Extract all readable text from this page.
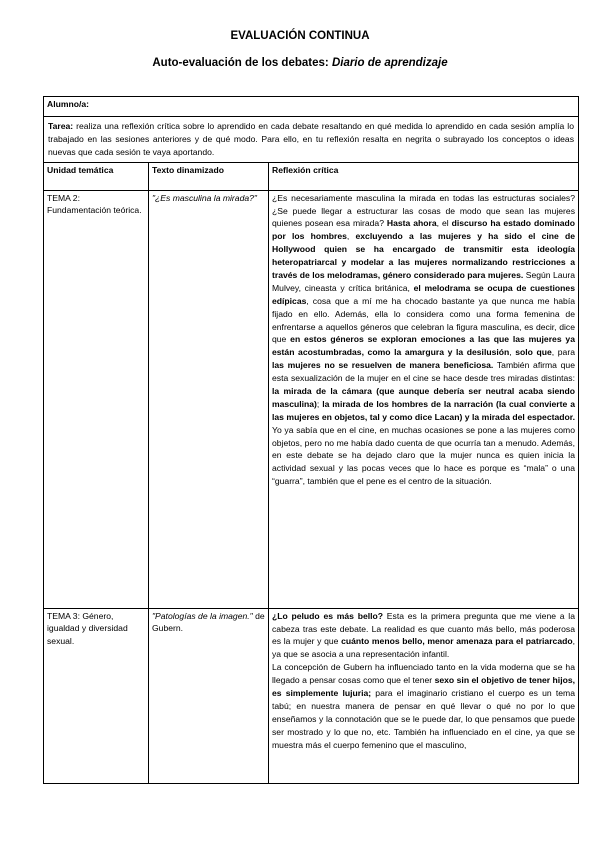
EVALUACIÓN CONTINUA
Auto-evaluación de los debates: Diario de aprendizaje
Alumno/a:		
Tarea: realiza una reflexión crítica sobre lo aprendido en cada debate resaltando en qué medida lo aprendido en cada sesión amplía lo trabajado en las sesiones anteriores y de qué modo. Para ello, en tu reflexión resalta en negrita o subrayado los conceptos o ideas nuevas que cada sesión te vaya aportando.		
Unidad temática	Texto dinamizado	Reflexión crítica
TEMA 2: Fundamentación teórica.	"¿Es masculina la mirada?"	¿Es necesariamente masculina la mirada en todas las estructuras sociales? ¿Se puede llegar a estructurar las cosas de modo que sean las mujeres quienes posean esa mirada? Hasta ahora, el discurso ha estado dominado por los hombres, excluyendo a las mujeres y ha sido el cine de Hollywood quien se ha encargado de transmitir esta ideología heteropatriarcal y modelar a las mujeres normalizando restricciones a través de los melodramas, género considerado para mujeres. Según Laura Mulvey, cineasta y crítica británica, el melodrama se ocupa de cuestiones edípicas, cosa que a mí me ha chocado bastante ya que nunca me había fijado en ello. Además, ella lo considera como una forma femenina de enfrentarse a aquellos géneros que celebran la figura masculina, es decir, dice que en estos géneros se exploran emociones a las que las mujeres ya están acostumbradas, como la amargura y la desilusión, solo que, para las mujeres no se resuelven de manera beneficiosa. También afirma que esta sexualización de la mujer en el cine se hace desde tres miradas distintas: la mirada de la cámara (que aunque debería ser neutral acaba siendo masculina); la mirada de los hombres de la narración (la cual convierte a las mujeres en objetos, tal y como dice Lacan) y la mirada del espectador. Yo ya sabía que en el cine, en muchas ocasiones se pone a las mujeres como objetos, pero no me había dado cuenta de que ocurría tan a menudo. Además, en este debate se ha dejado claro que la mujer nunca es quien inicia la actividad sexual y las pocas veces que lo hace es porque es “mala” o una “guarra”, también que el pene es el centro de la situación.

TEMA 3: Género, igualdad y diversidad sexual.	"Patologías de la imagen." de Gubern.	¿Lo peludo es más bello? Esta es la primera pregunta que me viene a la cabeza tras este debate. La realidad es que cuanto más bello, más poderosa es la mujer y que cuánto menos bello, menor amenaza para el patriarcado, ya que se asocia a una representación infantil.

La concepción de Gubern ha influenciado tanto en la vida moderna que se ha llegado a pensar cosas como que el tener sexo sin el objetivo de tener hijos, es simplemente lujuria; para el imaginario cristiano el cuerpo es un tema tabú; en nuestra manera de pensar en qué llevar o qué no por lo que enseñamos y la connotación que se le puede dar, lo que pensamos que puede ser mostrado y lo que no, etc. También ha influenciado en el cine, ya que se muestra más el cuerpo femenino que el masculino,
